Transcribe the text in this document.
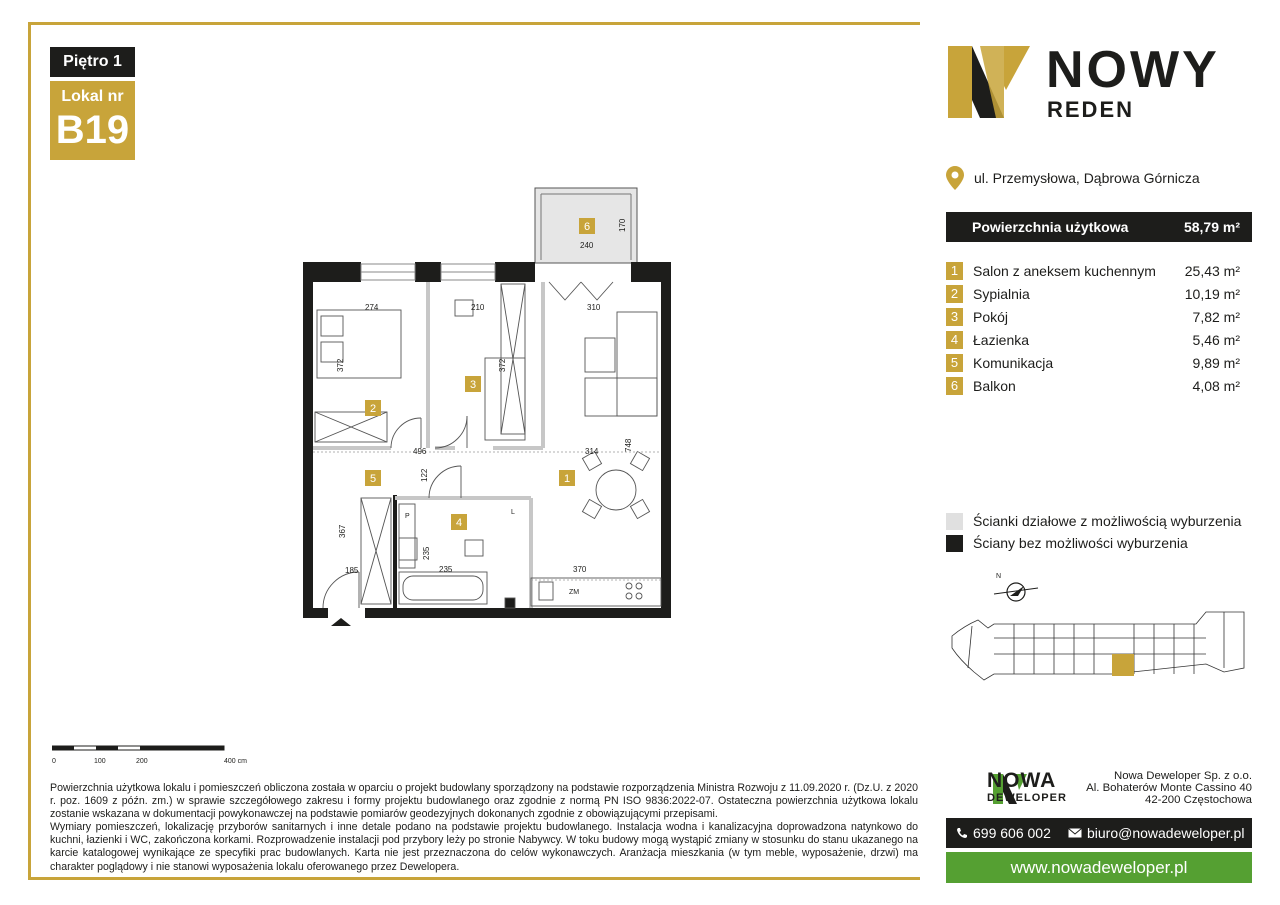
Piętro 1
Lokal nr
B19
6
2
3
1
5
4
240
170
274	210	310
372	372
496	314	748
122
367
185
235
235	370
P
L
ZM
0	100	200	400 cm
Powierzchnia użytkowa lokalu i pomieszczeń obliczona została w oparciu o projekt budowlany sporządzony na podstawie rozporządzenia Ministra Rozwoju z 11.09.2020 r. (Dz.U. z 2020 r. poz. 1609 z późn. zm.) w sprawie szczegółowego zakresu i formy projektu budowlanego oraz zgodnie z normą PN ISO 9836:2022-07. Ostateczna powierzchnia użytkowa lokalu zostanie wskazana w dokumentacji powykonawczej na podstawie pomiarów geodezyjnych dokonanych zgodnie z obowiązującymi przepisami.
Wymiary pomieszczeń, lokalizację przyborów sanitarnych i inne detale podano na podstawie projektu budowlanego. Instalacja wodna i kanalizacyjna doprowadzona natynkowo do kuchni, łazienki i WC, zakończona korkami. Rozprowadzenie instalacji pod przybory leży po stronie Nabywcy. W toku budowy mogą wystąpić zmiany w stosunku do stanu ukazanego na karcie katalogowej wynikające ze specyfiki prac budowlanych. Karta nie jest przeznaczona do celów wykonawczych. Aranżacja mieszkania (w tym meble, wyposażenie, drzwi) ma charakter poglądowy i nie stanowi wyposażenia lokalu oferowanego przez Dewelopera.
NOWY
REDEN
ul. Przemysłowa, Dąbrowa Górnicza
Powierzchnia użytkowa	58,79 m²
1	Salon z aneksem kuchennym 25,43 m²
2	Sypialnia	10,19 m²
3	Pokój	7,82 m²
4	Łazienka	5,46 m²
5	Komunikacja	9,89 m²
6	Balkon	4,08 m²
Ścianki działowe z możliwością wyburzenia
Ściany bez możliwości wyburzenia
N
NOWA
DEWELOPER
Nowa Deweloper Sp. z o.o.
Al. Bohaterów Monte Cassino 40
42-200 Częstochowa
699 606 002	biuro@nowadeweloper.pl
www.nowadeweloper.pl
